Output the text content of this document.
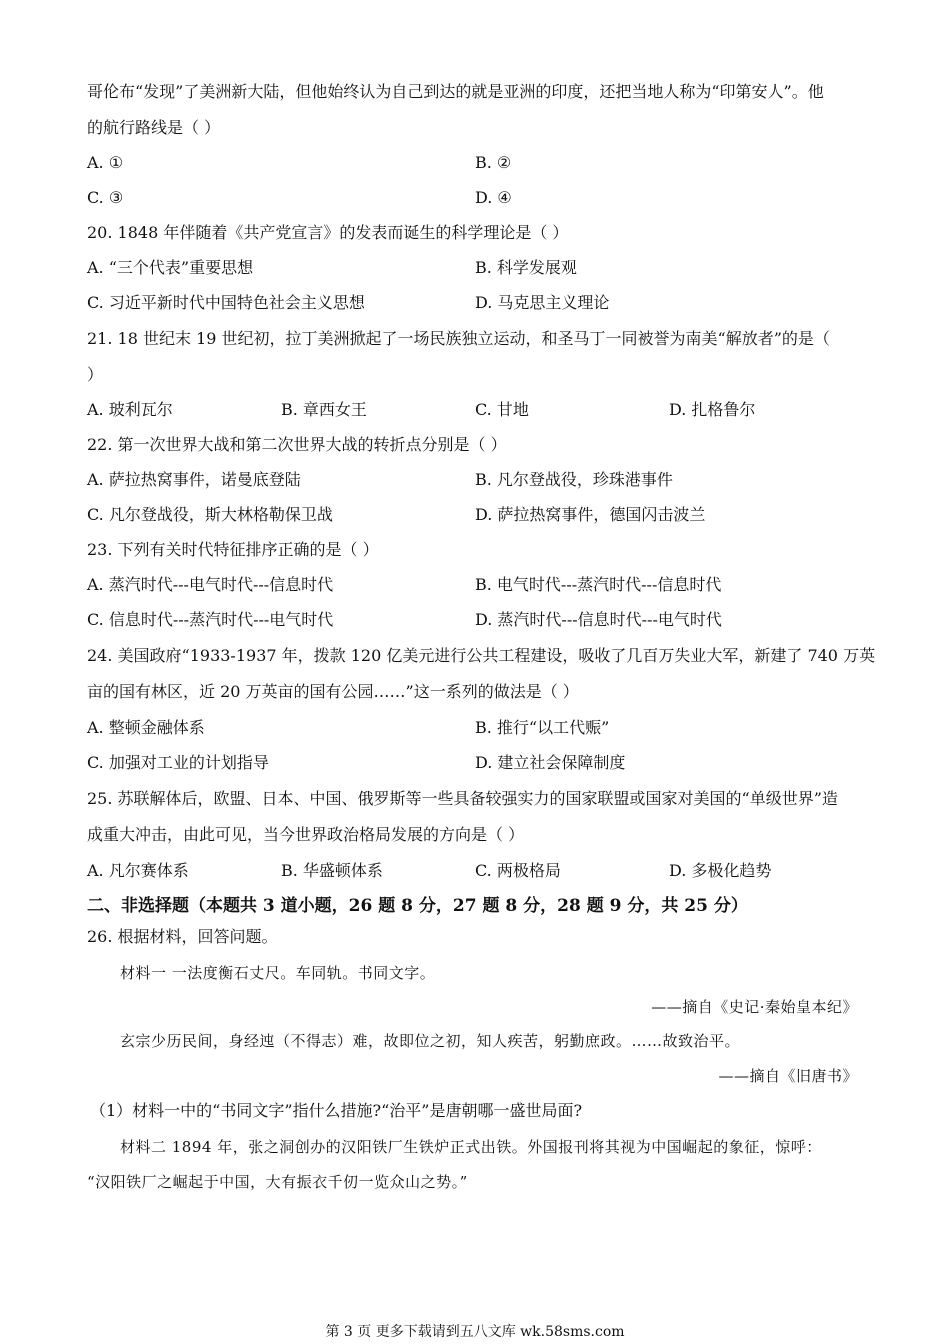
哥伦布“发现”了美洲新大陆，但他始终认为自己到达的就是亚洲的印度，还把当地人称为“印第安人”。他
的航行路线是（ ）
A. ①	B. ②
C. ③	D. ④
20. 1848 年伴随着《共产党宣言》的发表而诞生的科学理论是（ ）
A. “三个代表”重要思想	B. 科学发展观
C. 习近平新时代中国特色社会主义思想	D. 马克思主义理论
21. 18 世纪末 19 世纪初，拉丁美洲掀起了一场民族独立运动，和圣马丁一同被誉为南美“解放者”的是（
）
A. 玻利瓦尔	B. 章西女王	C. 甘地	D. 扎格鲁尔
22. 第一次世界大战和第二次世界大战的转折点分别是（ ）
A. 萨拉热窝事件，诺曼底登陆	B. 凡尔登战役，珍珠港事件
C. 凡尔登战役，斯大林格勒保卫战	D. 萨拉热窝事件，德国闪击波兰
23. 下列有关时代特征排序正确的是（ ）
A. 蒸汽时代---电气时代---信息时代	B. 电气时代---蒸汽时代---信息时代
C. 信息时代---蒸汽时代---电气时代	D. 蒸汽时代---信息时代---电气时代
24. 美国政府“1933-1937 年，拨款 120 亿美元进行公共工程建设，吸收了几百万失业大军，新建了 740 万英
亩的国有林区，近 20 万英亩的国有公园……”这一系列的做法是（ ）
A. 整顿金融体系	B. 推行“以工代赈”
C. 加强对工业的计划指导	D. 建立社会保障制度
25. 苏联解体后，欧盟、日本、中国、俄罗斯等一些具备较强实力的国家联盟或国家对美国的“单级世界”造
成重大冲击，由此可见，当今世界政治格局发展的方向是（ ）
A. 凡尔赛体系	B. 华盛顿体系	C. 两极格局	D. 多极化趋势
二、非选择题（本题共 3 道小题，26 题 8 分，27 题 8 分，28 题 9 分，共 25 分）
26. 根据材料，回答问题。
材料一 一法度衡石丈尺。车同轨。书同文字。
——摘自《史记·秦始皇本纪》
玄宗少历民间，身经迍（不得志）难，故即位之初，知人疾苦，躬勤庶政。……故致治平。
——摘自《旧唐书》
（1）材料一中的“书同文字”指什么措施?“治平”是唐朝哪一盛世局面?
材料二 1894 年，张之洞创办的汉阳铁厂生铁炉正式出铁。外国报刊将其视为中国崛起的象征，惊呼：
“汉阳铁厂之崛起于中国，大有振衣千仞一览众山之势。”
第 3 页 更多下载请到五八文库 wk.58sms.com
